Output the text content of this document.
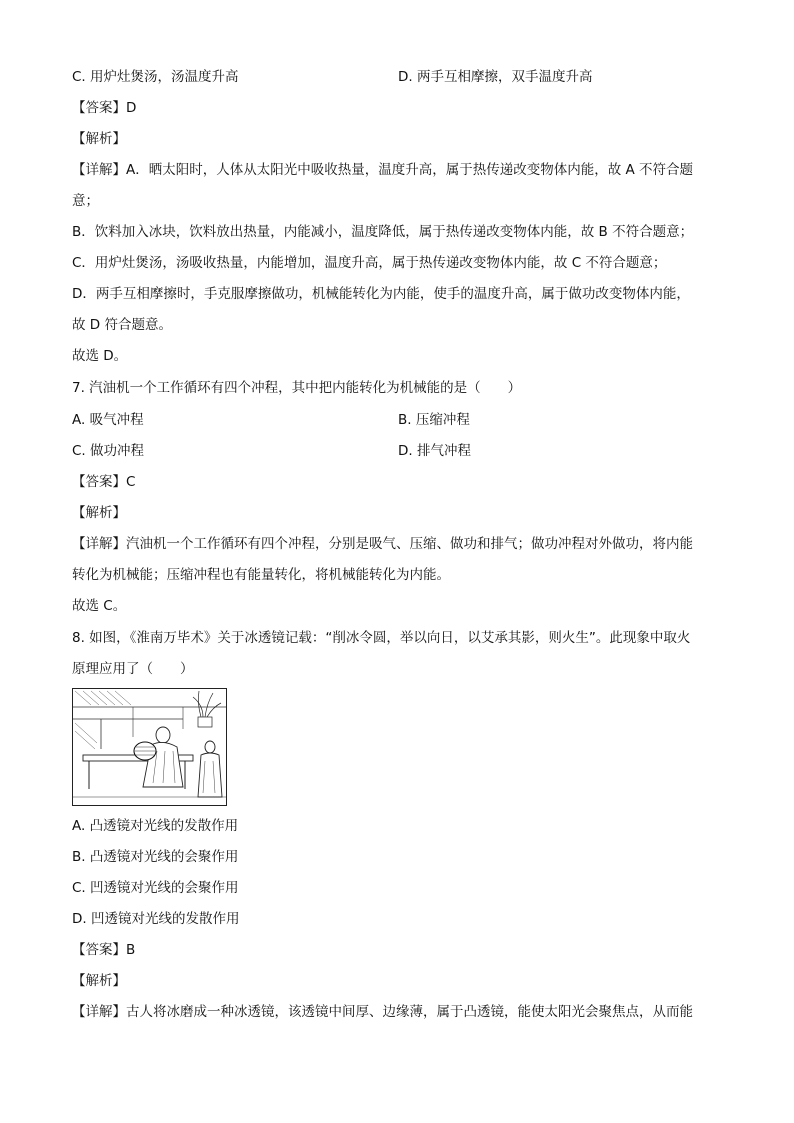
C. 用炉灶煲汤，汤温度升高	D. 两手互相摩擦，双手温度升高
【答案】D
【解析】
【详解】A．晒太阳时，人体从太阳光中吸收热量，温度升高，属于热传递改变物体内能，故 A 不符合题
意；
B．饮料加入冰块，饮料放出热量，内能减小，温度降低，属于热传递改变物体内能，故 B 不符合题意；
C．用炉灶煲汤，汤吸收热量，内能增加，温度升高，属于热传递改变物体内能，故 C 不符合题意；
D．两手互相摩擦时，手克服摩擦做功，机械能转化为内能，使手的温度升高，属于做功改变物体内能，
故 D 符合题意。
故选 D。
7. 汽油机一个工作循环有四个冲程，其中把内能转化为机械能的是（　　）
A. 吸气冲程	B. 压缩冲程
C. 做功冲程	D. 排气冲程
【答案】C
【解析】
【详解】汽油机一个工作循环有四个冲程，分别是吸气、压缩、做功和排气；做功冲程对外做功，将内能
转化为机械能；压缩冲程也有能量转化，将机械能转化为内能。
故选 C。
8. 如图，《淮南万毕术》关于冰透镜记载：“削冰令圆，举以向日，以艾承其影，则火生”。此现象中取火
原理应用了（　　）
A. 凸透镜对光线的发散作用
B. 凸透镜对光线的会聚作用
C. 凹透镜对光线的会聚作用
D. 凹透镜对光线的发散作用
【答案】B
【解析】
【详解】古人将冰磨成一种冰透镜，该透镜中间厚、边缘薄，属于凸透镜，能使太阳光会聚焦点，从而能
